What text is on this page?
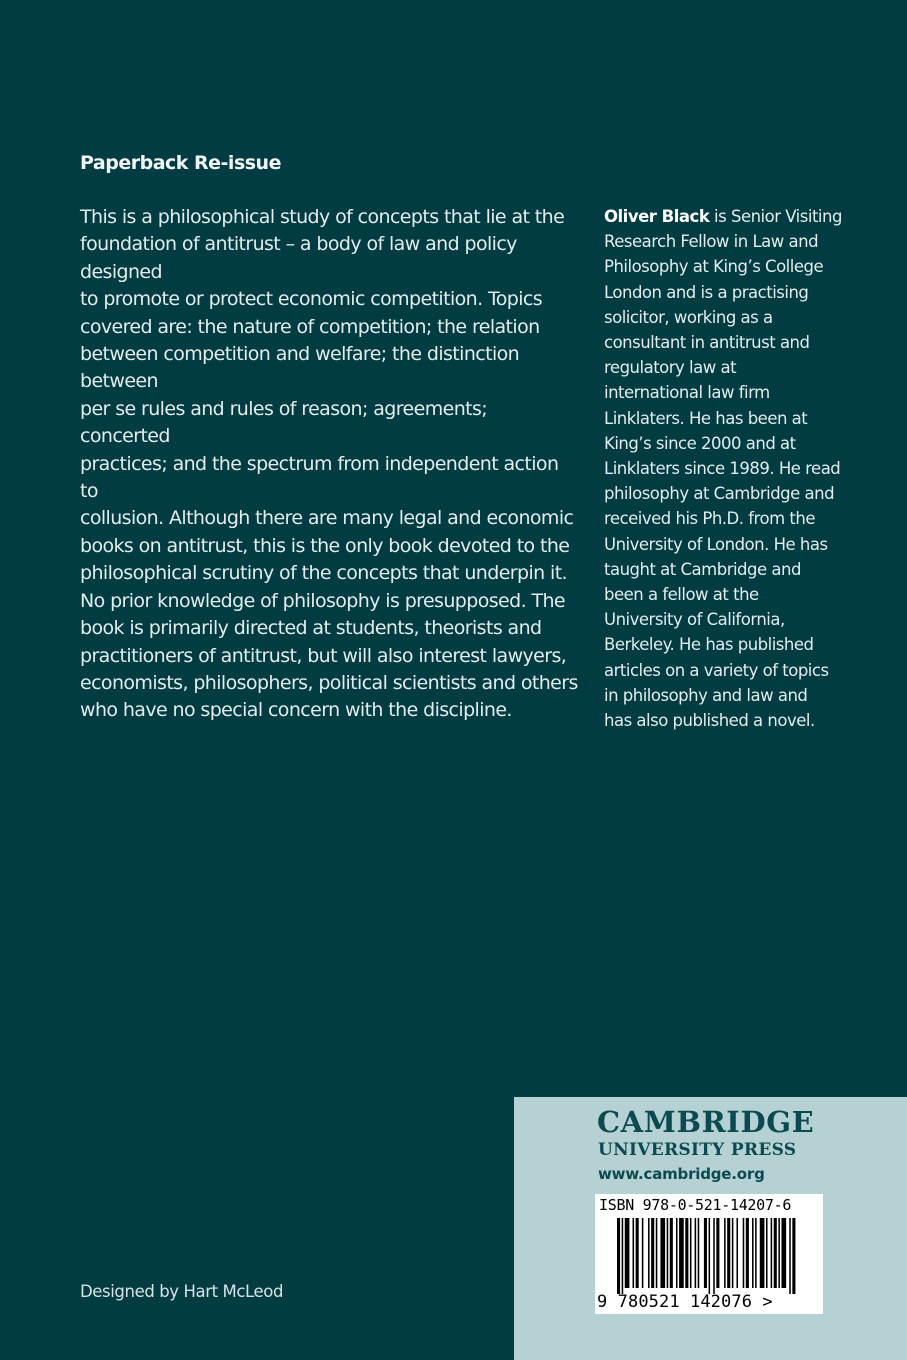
Paperback Re-issue

This is a philosophical study of concepts that lie at the
foundation of antitrust – a body of law and policy designed
to promote or protect economic competition. Topics
covered are: the nature of competition; the relation
between competition and welfare; the distinction between
per se rules and rules of reason; agreements; concerted
practices; and the spectrum from independent action to
collusion. Although there are many legal and economic
books on antitrust, this is the only book devoted to the
philosophical scrutiny of the concepts that underpin it.
No prior knowledge of philosophy is presupposed. The
book is primarily directed at students, theorists and
practitioners of antitrust, but will also interest lawyers,
economists, philosophers, political scientists and others
who have no special concern with the discipline.

Oliver Black is Senior Visiting
Research Fellow in Law and
Philosophy at King’s College
London and is a practising
solicitor, working as a
consultant in antitrust and
regulatory law at
international law firm
Linklaters. He has been at
King’s since 2000 and at
Linklaters since 1989. He read
philosophy at Cambridge and
received his Ph.D. from the
University of London. He has
taught at Cambridge and
been a fellow at the
University of California,
Berkeley. He has published
articles on a variety of topics
in philosophy and law and
has also published a novel.

Designed by Hart McLeod
CAMBRIDGE
UNIVERSITY PRESS
www.cambridge.org
ISBN 978-0-521-14207-6
9 780521 142076 >
